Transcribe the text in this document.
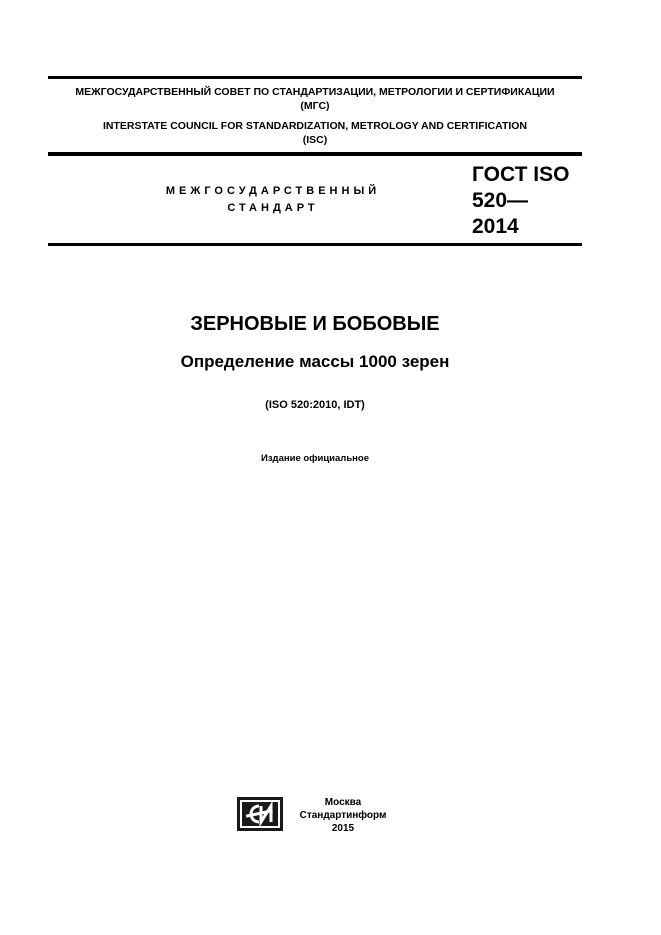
МЕЖГОСУДАРСТВЕННЫЙ СОВЕТ ПО СТАНДАРТИЗАЦИИ, МЕТРОЛОГИИ И СЕРТИФИКАЦИИ
(МГС)
INTERSTATE COUNCIL FOR STANDARDIZATION, METROLOGY AND CERTIFICATION
(ISC)
МЕЖГОСУДАРСТВЕННЫЙ
СТАНДАРТ
ГОСТ ISO
520—
2014
ЗЕРНОВЫЕ И БОБОВЫЕ
Определение массы 1000 зерен
(ISO 520:2010, IDT)
Издание официальное
Москва
Стандартинформ
2015
